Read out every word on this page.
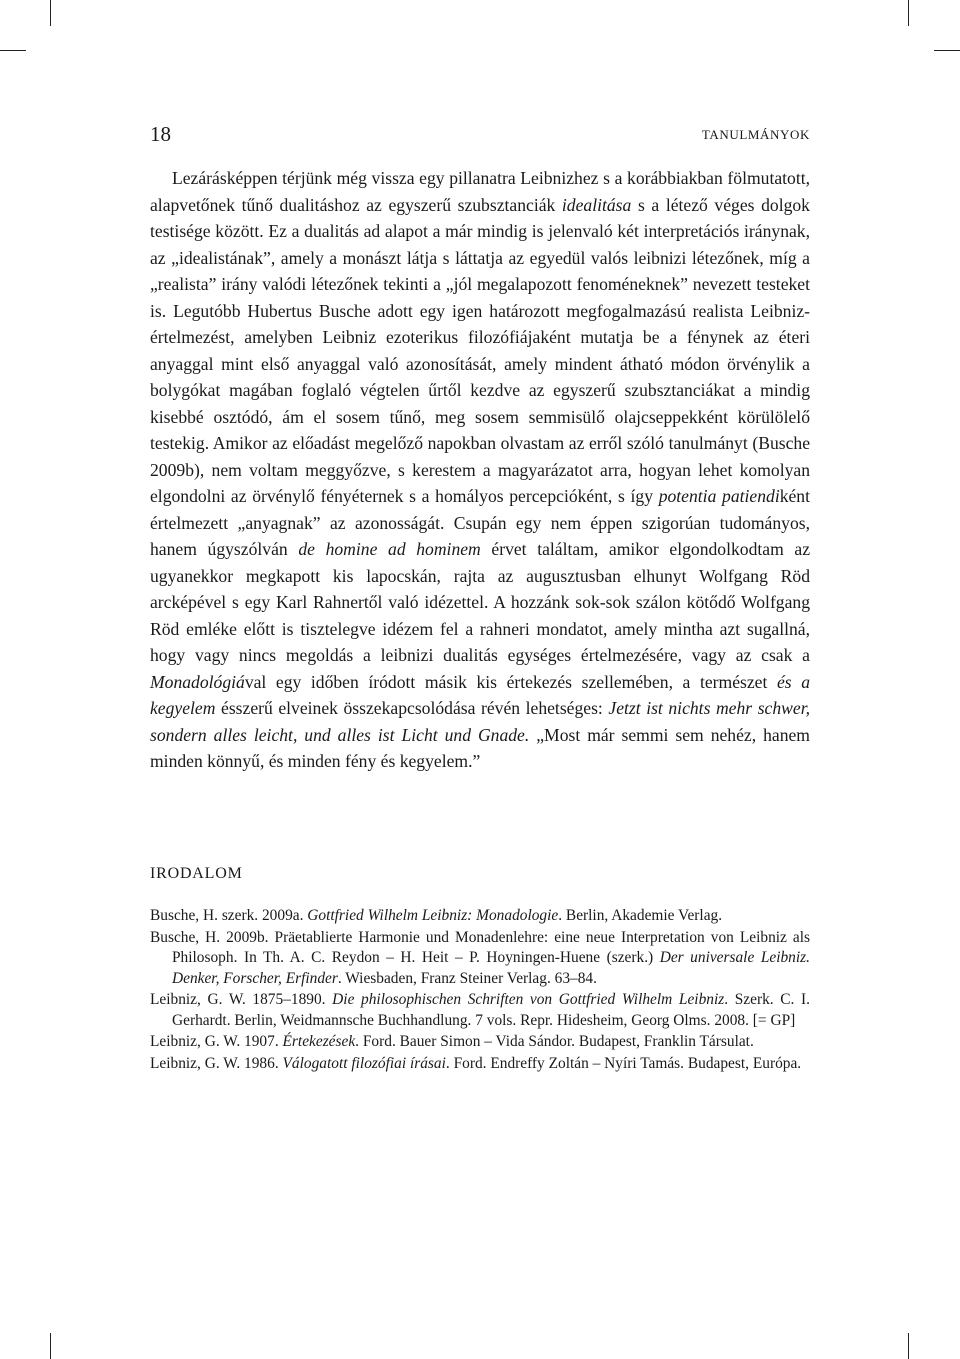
18	TANULMÁNYOK

Lezárásképpen térjünk még vissza egy pillanatra Leibnizhez s a korábbiakban fölmutatott, alapvetőnek tűnő dualitáshoz az egyszerű szubsztanciák idealitása s a létező véges dolgok testisége között. Ez a dualitás ad alapot a már mindig is jelenvaló két interpretációs iránynak, az „idealistának”, amely a monászt látja s láttatja az egyedül valós leibnizi létezőnek, míg a „realista” irány valódi létezőnek tekinti a „jól megalapozott fenoméneknek” nevezett testeket is. Legutóbb Hubertus Busche adott egy igen határozott megfogalmazású realista Leibniz-értelmezést, amelyben Leibniz ezoterikus filozófiájaként mutatja be a fénynek az éteri anyaggal mint első anyaggal való azonosítását, amely mindent átható módon örvénylik a bolygókat magában foglaló végtelen űrtől kezdve az egyszerű szubsztanciákat a mindig kisebbé osztódó, ám el sosem tűnő, meg sosem semmisülő olajcseppekként körülölelő testekig. Amikor az előadást megelőző napokban olvastam az erről szóló tanulmányt (Busche 2009b), nem voltam meggyőzve, s kerestem a magyarázatot arra, hogyan lehet komolyan elgondolni az örvénylő fényéternek s a homályos percepcióként, s így potentia patiendiként értelmezett „anyagnak” az azonosságát. Csupán egy nem éppen szigorúan tudományos, hanem úgyszólván de homine ad hominem érvet találtam, amikor elgondolkodtam az ugyanekkor megkapott kis lapocskán, rajta az augusztusban elhunyt Wolfgang Röd arcképével s egy Karl Rahnertől való idézettel. A hozzánk sok-sok szálon kötődő Wolfgang Röd emléke előtt is tisztelegve idézem fel a rahneri mondatot, amely mintha azt sugallná, hogy vagy nincs megoldás a leibnizi dualitás egységes értelmezésére, vagy az csak a Monadológiával egy időben íródott másik kis értekezés szellemében, a természet és a kegyelem ésszerű elveinek összekapcsolódása révén lehetséges: Jetzt ist nichts mehr schwer, sondern alles leicht, und alles ist Licht und Gnade. „Most már semmi sem nehéz, hanem minden könnyű, és minden fény és kegyelem.”

IRODALOM

Busche, H. szerk. 2009a. Gottfried Wilhelm Leibniz: Monadologie. Berlin, Akademie Verlag.

Busche, H. 2009b. Präetablierte Harmonie und Monadenlehre: eine neue Interpretation von Leibniz als Philosoph. In Th. A. C. Reydon – H. Heit – P. Hoyningen-Huene (szerk.) Der universale Leibniz. Denker, Forscher, Erfinder. Wiesbaden, Franz Steiner Verlag. 63–84.

Leibniz, G. W. 1875–1890. Die philosophischen Schriften von Gottfried Wilhelm Leibniz. Szerk. C. I. Gerhardt. Berlin, Weidmannsche Buchhandlung. 7 vols. Repr. Hidesheim, Georg Olms. 2008. [= GP]

Leibniz, G. W. 1907. Értekezések. Ford. Bauer Simon – Vida Sándor. Budapest, Franklin Társulat.

Leibniz, G. W. 1986. Válogatott filozófiai írásai. Ford. Endreffy Zoltán – Nyíri Tamás. Budapest, Európa.
